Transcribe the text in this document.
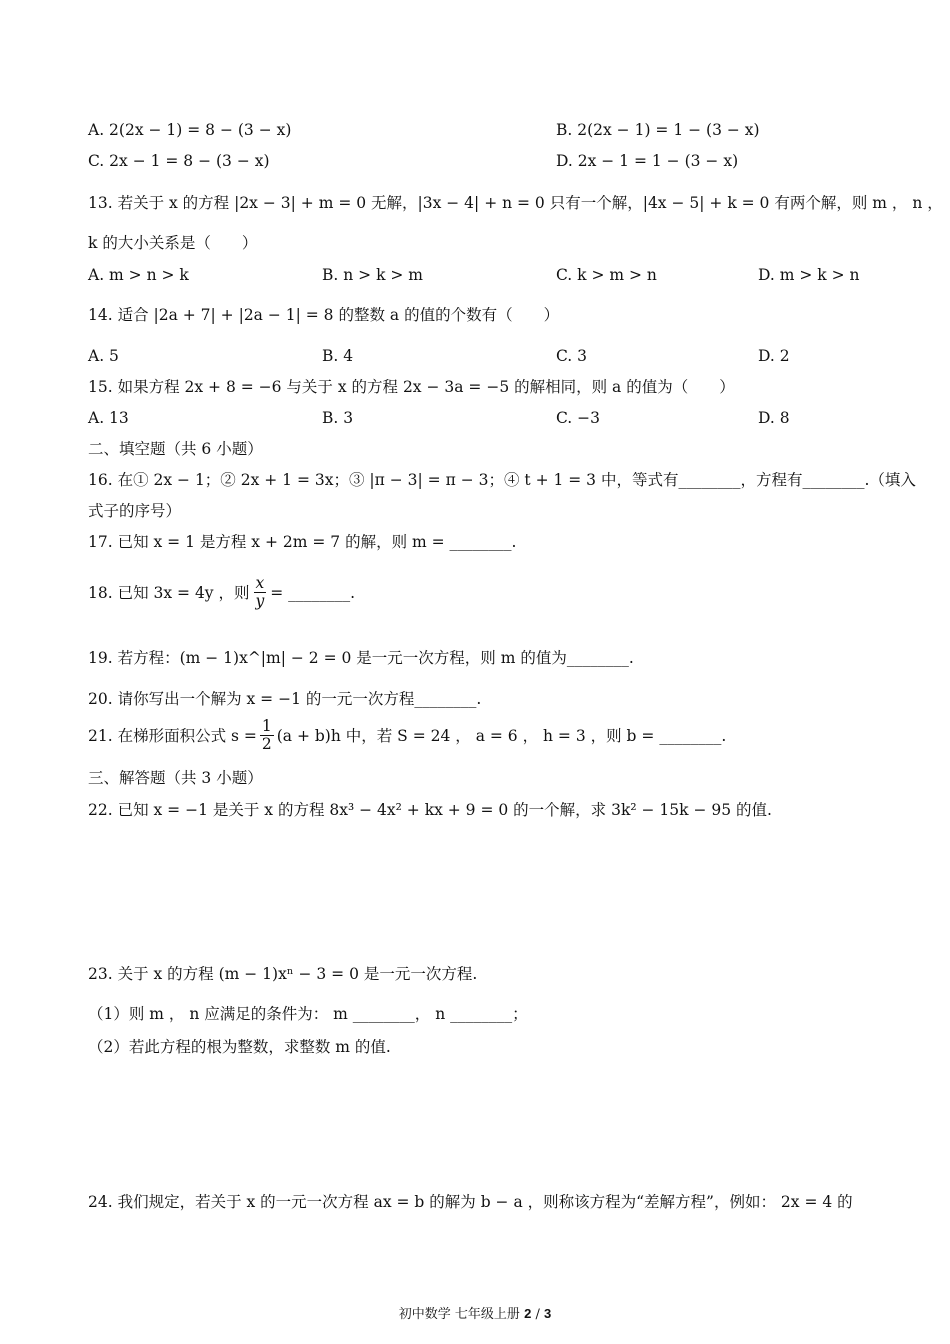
A. 2(2x − 1) = 8 − (3 − x)	B. 2(2x − 1) = 1 − (3 − x)
C. 2x − 1 = 8 − (3 − x)	D. 2x − 1 = 1 − (3 − x)
13. 若关于 x 的方程 |2x − 3| + m = 0 无解，|3x − 4| + n = 0 只有一个解，|4x − 5| + k = 0 有两个解，则 m ， n ，
k 的大小关系是（　　）
A. m > n > k	B. n > k > m	C. k > m > n	D. m > k > n
14. 适合 |2a + 7| + |2a − 1| = 8 的整数 a 的值的个数有（　　）
A. 5	B. 4	C. 3	D. 2
15. 如果方程 2x + 8 = −6 与关于 x 的方程 2x − 3a = −5 的解相同，则 a 的值为（　　）
A. 13	B. 3	C. −3	D. 8
二、填空题（共 6 小题）
16. 在① 2x − 1；② 2x + 1 = 3x；③ |π − 3| = π − 3；④ t + 1 = 3 中，等式有________，方程有________.（填入
式子的序号）
17. 已知 x = 1 是方程 x + 2m = 7 的解，则 m = ________.
18. 已知 3x = 4y ，则 $\frac{x}{y}$ = ________.
19. 若方程：(m − 1)x^|m| − 2 = 0 是一元一次方程，则 m 的值为________.
20. 请你写出一个解为 x = −1 的一元一次方程________.
21. 在梯形面积公式 $s = \frac{1}{2} (a + b)h$ 中，若 S = 24 ， a = 6 ， h = 3 ，则 b = ________.
三、解答题（共 3 小题）
22. 已知 x = −1 是关于 x 的方程 8x³ − 4x² + kx + 9 = 0 的一个解，求 3k² − 15k − 95 的值.
23. 关于 x 的方程 (m − 1)xⁿ − 3 = 0 是一元一次方程.
（1）则 m ， n 应满足的条件为： m ________， n ________；
（2）若此方程的根为整数，求整数 m 的值.
24. 我们规定，若关于 x 的一元一次方程 ax = b 的解为 b − a ，则称该方程为“差解方程”，例如： 2x = 4 的
初中数学 七年级上册 2 / 3
